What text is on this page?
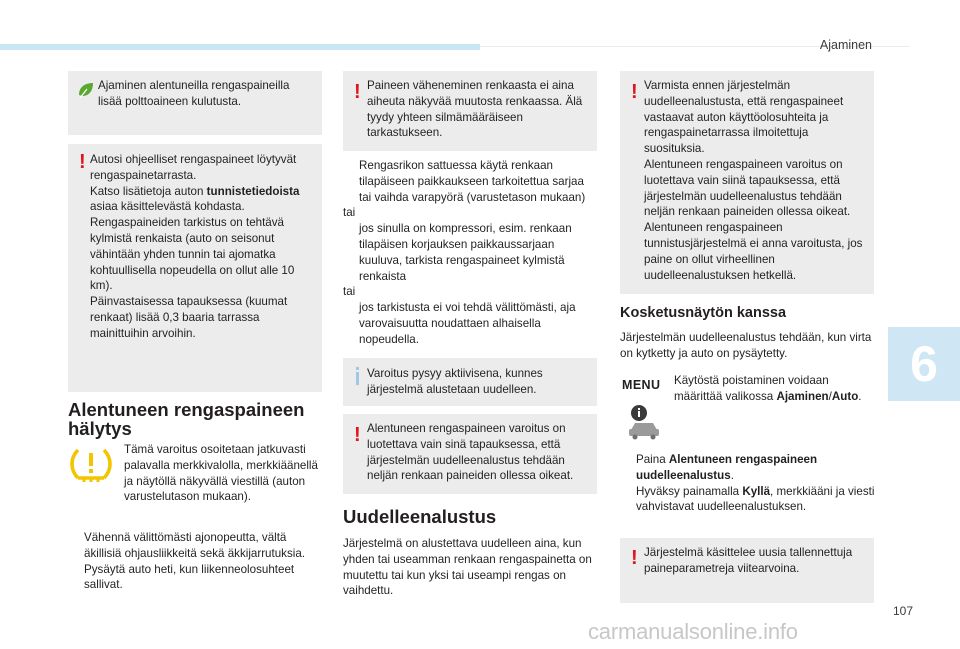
Ajaminen
6
107
carmanualsonline.info
Ajaminen alentuneilla rengaspaineilla lisää polttoaineen kulutusta.
! Autosi ohjeelliset rengaspaineet löytyvät rengaspainetarrasta.

Katso lisätietoja auton tunnistetiedoista asiaa käsittelevästä kohdasta.

Rengaspaineiden tarkistus on tehtävä kylmistä renkaista (auto on seisonut vähintään yhden tunnin tai ajomatka kohtuullisella nopeudella on ollut alle 10 km).

Päinvastaisessa tapauksessa (kuumat renkaat) lisää 0,3 baaria tarrassa mainittuihin arvoihin.

Alentuneen rengaspaineen hälytys
Tämä varoitus osoitetaan jatkuvasti palavalla merkkivalolla, merkkiäänellä ja näytöllä näkyvällä viestillä (auton varustelutason mukaan).
Vähennä välittömästi ajonopeutta, vältä äkillisiä ohjausliikkeitä sekä äkkijarrutuksia.
Pysäytä auto heti, kun liikenneolosuhteet sallivat.
! Paineen väheneminen renkaasta ei aina aiheuta näkyvää muutosta renkaassa. Älä tyydy yhteen silmämääräiseen tarkastukseen.
Rengasrikon sattuessa käytä renkaan tilapäiseen paikkaukseen tarkoitettua sarjaa tai vaihda varapyörä (varustetason mukaan)
tai
jos sinulla on kompressori, esim. renkaan tilapäisen korjauksen paikkaussarjaan kuuluva, tarkista rengaspaineet kylmistä renkaista
tai
jos tarkistusta ei voi tehdä välittömästi, aja varovaisuutta noudattaen alhaisella nopeudella.
Varoitus pysyy aktiivisena, kunnes järjestelmä alustetaan uudelleen.
! Alentuneen rengaspaineen varoitus on luotettava vain sinä tapauksessa, että järjestelmän uudelleenalustus tehdään neljän renkaan paineiden ollessa oikeat.
Uudelleenalustus
Järjestelmä on alustettava uudelleen aina, kun yhden tai useamman renkaan rengaspainetta on muutettu tai kun yksi tai useampi rengas on vaihdettu.
! Varmista ennen järjestelmän uudelleenalustusta, että rengaspaineet vastaavat auton käyttöolosuhteita ja rengaspainetarrassa ilmoitettuja suosituksia.

Alentuneen rengaspaineen varoitus on luotettava vain siinä tapauksessa, että järjestelmän uudelleenalustus tehdään neljän renkaan paineiden ollessa oikeat.

Alentuneen rengaspaineen tunnistusjärjestelmä ei anna varoitusta, jos paine on ollut virheellinen uudelleenalustuksen hetkellä.

Kosketusnäytön kanssa
Järjestelmän uudelleenalustus tehdään, kun virta on kytketty ja auto on pysäytetty.
MENU Käytöstä poistaminen voidaan määrittää valikossa Ajaminen/Auto.
Paina Alentuneen rengaspaineen uudelleenalustus.
Hyväksy painamalla Kyllä, merkkiääni ja viesti vahvistavat uudelleenalustuksen.
! Järjestelmä käsittelee uusia tallennettuja paineparametreja viitearvoina.
